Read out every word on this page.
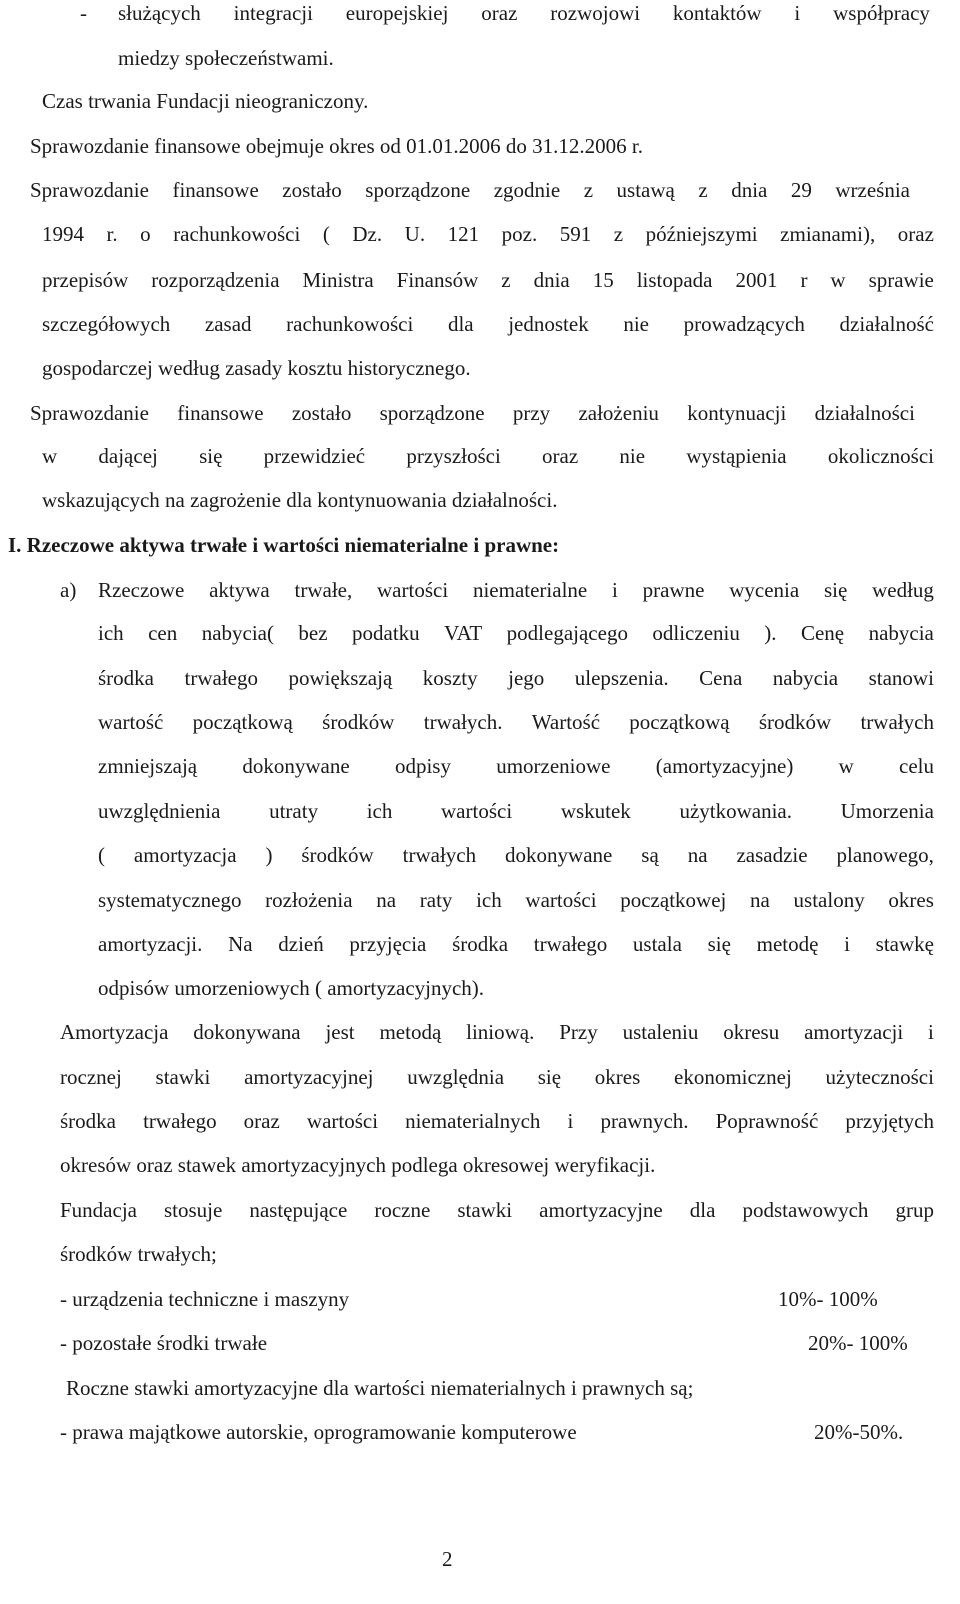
- służących integracji europejskiej oraz rozwojowi kontaktów i współpracy
miedzy społeczeństwami.
Czas trwania Fundacji nieograniczony.
Sprawozdanie finansowe obejmuje okres od 01.01.2006 do 31.12.2006 r.
Sprawozdanie finansowe zostało sporządzone zgodnie z ustawą z dnia 29 września
1994 r. o rachunkowości ( Dz. U. 121 poz. 591 z późniejszymi zmianami), oraz
przepisów rozporządzenia Ministra Finansów z dnia 15 listopada 2001 r w sprawie
szczegółowych zasad rachunkowości dla jednostek nie prowadzących działalność
gospodarczej według zasady kosztu historycznego.
Sprawozdanie finansowe zostało sporządzone przy założeniu kontynuacji działalności
w dającej się przewidzieć przyszłości oraz nie wystąpienia okoliczności
wskazujących na zagrożenie dla kontynuowania działalności.
I. Rzeczowe aktywa trwałe i wartości niematerialne i prawne:
a) Rzeczowe aktywa trwałe, wartości niematerialne i prawne wycenia się według
ich cen nabycia( bez podatku VAT podlegającego odliczeniu ). Cenę nabycia
środka trwałego powiększają koszty jego ulepszenia. Cena nabycia stanowi
wartość początkową środków trwałych. Wartość początkową środków trwałych
zmniejszają dokonywane odpisy umorzeniowe (amortyzacyjne) w celu
uwzględnienia utraty ich wartości wskutek użytkowania. Umorzenia
( amortyzacja ) środków trwałych dokonywane są na zasadzie planowego,
systematycznego rozłożenia na raty ich wartości początkowej na ustalony okres
amortyzacji. Na dzień przyjęcia środka trwałego ustala się metodę i stawkę
odpisów umorzeniowych ( amortyzacyjnych).
Amortyzacja dokonywana jest metodą liniową. Przy ustaleniu okresu amortyzacji i
rocznej stawki amortyzacyjnej uwzględnia się okres ekonomicznej użyteczności
środka trwałego oraz wartości niematerialnych i prawnych. Poprawność przyjętych
okresów oraz stawek amortyzacyjnych podlega okresowej weryfikacji.
Fundacja stosuje następujące roczne stawki amortyzacyjne dla podstawowych grup
środków trwałych;
- urządzenia techniczne i maszyny	10%- 100%
- pozostałe środki trwałe	20%- 100%
Roczne stawki amortyzacyjne dla wartości niematerialnych i prawnych są;
- prawa majątkowe autorskie, oprogramowanie komputerowe	20%-50%.
2
